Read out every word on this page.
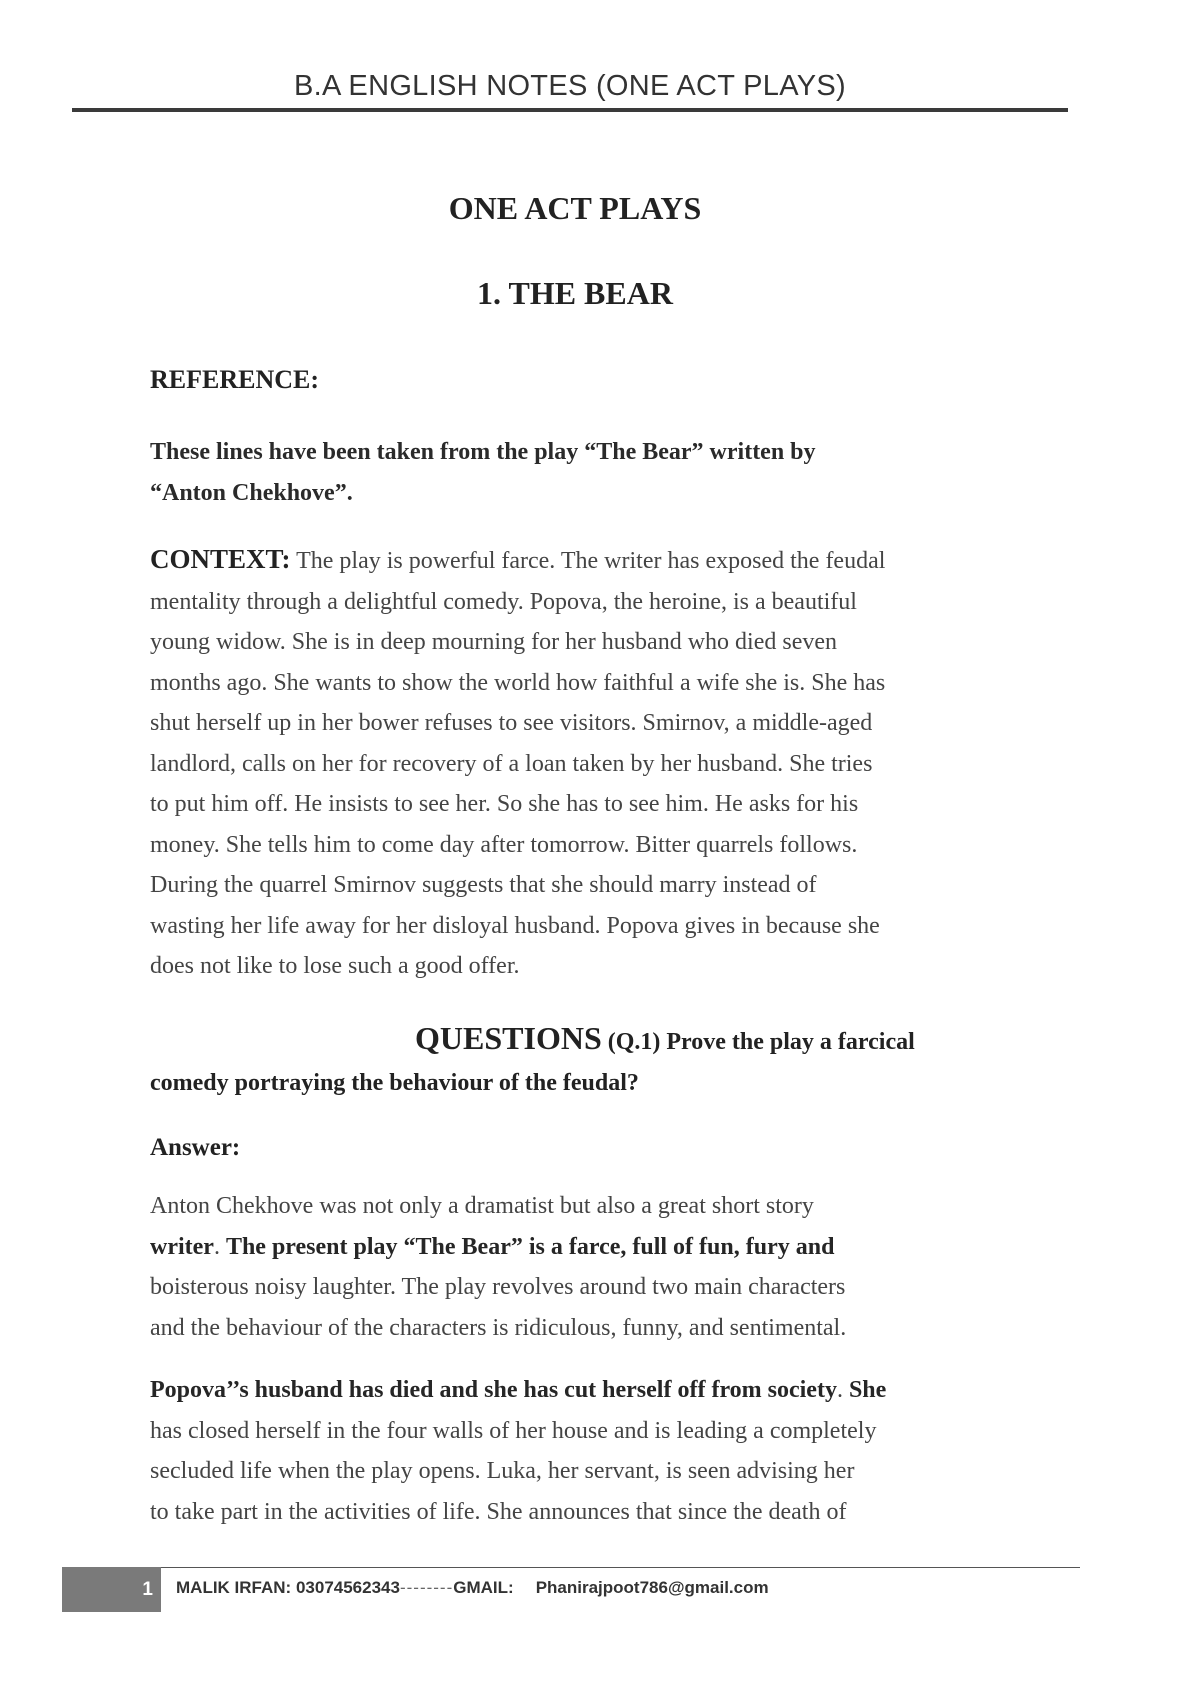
B.A ENGLISH NOTES (ONE ACT PLAYS)
ONE ACT PLAYS
1. THE BEAR
REFERENCE:
These lines have been taken from the play “The Bear” written by
“Anton Chekhove”.
CONTEXT: The play is powerful farce. The writer has exposed the feudal
mentality through a delightful comedy. Popova, the heroine, is a beautiful
young widow. She is in deep mourning for her husband who died seven
months ago. She wants to show the world how faithful a wife she is. She has
shut herself up in her bower refuses to see visitors. Smirnov, a middle-aged
landlord, calls on her for recovery of a loan taken by her husband. She tries
to put him off. He insists to see her. So she has to see him. He asks for his
money. She tells him to come day after tomorrow. Bitter quarrels follows.
During the quarrel Smirnov suggests that she should marry instead of
wasting her life away for her disloyal husband. Popova gives in because she
does not like to lose such a good offer.
QUESTIONS (Q.1) Prove the play a farcical
comedy portraying the behaviour of the feudal?
Answer:
Anton Chekhove was not only a dramatist but also a great short story
writer. The present play “The Bear” is a farce, full of fun, fury and
boisterous noisy laughter. The play revolves around two main characters
and the behaviour of the characters is ridiculous, funny, and sentimental.
Popova’’s husband has died and she has cut herself off from society. She
has closed herself in the four walls of her house and is leading a completely
secluded life when the play opens. Luka, her servant, is seen advising her
to take part in the activities of life. She announces that since the death of
1	MALIK IRFAN: 03074562343--------GMAIL: Phanirajpoot786@gmail.com
